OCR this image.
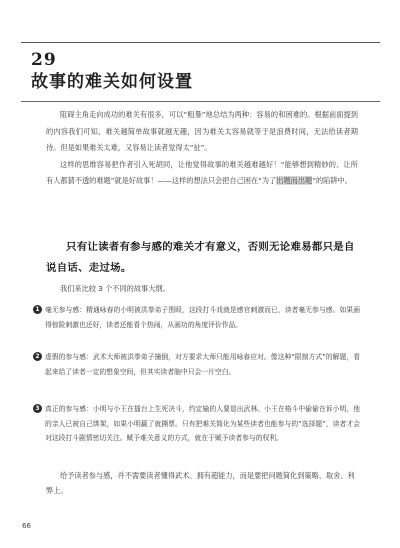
29
故事的难关如何设置

阻碍主角走向成功的难关有很多，可以“粗暴”地总结为两种：容易的和困难的。根据前面提到的内容我们可知，难关越简单故事就越无趣，因为难关太容易就等于是浪费时间，无法给读者期待。但是如果难关太难，又容易让读者觉得太“扯”。

这样的思维容易把作者引入死胡同，让他觉得故事的难关越难越好！“能够想到精妙的、让所有人都猜不透的难题”就是好故事！——这样的想法只会把自己困在“为了出题而出题”的陷阱中。

只有让读者有参与感的难关才有意义，否则无论难易都只是自说自话、走过场。
我们来比较 3 个不同的故事大纲。
1 毫无参与感：精通咏春的小明被洪拳弟子围殴，这段打斗戏就是感官刺激而已，读者毫无参与感。如果画得惊险刺激也还好，读者还能看个热闹，从画功的角度评价作品。
2 虚假的参与感：武术大师被洪拳弟子撞倒，对方要求大师只能用咏春应对。像这种“限制方式”的解题，看起来给了读者一定的想象空间，但其实读者脑中只会一片空白。
3 真正的参与感：小明与小王在擂台上生死决斗，约定输的人要退出武林。小王在格斗中偷偷在诉小明，他的亲人已被自己绑架，如果小明赢了就撕票。只有把难关简化为某些读者也能参与的“选择题”，读者才会对这段打斗剧情密切关注。赋予难关意义的方式，就在于赋予读者参与的权利。
给予读者参与感，并不需要读者懂得武术、拥有超能力，而是要把问题简化到策略、取舍、利弊上。
66
